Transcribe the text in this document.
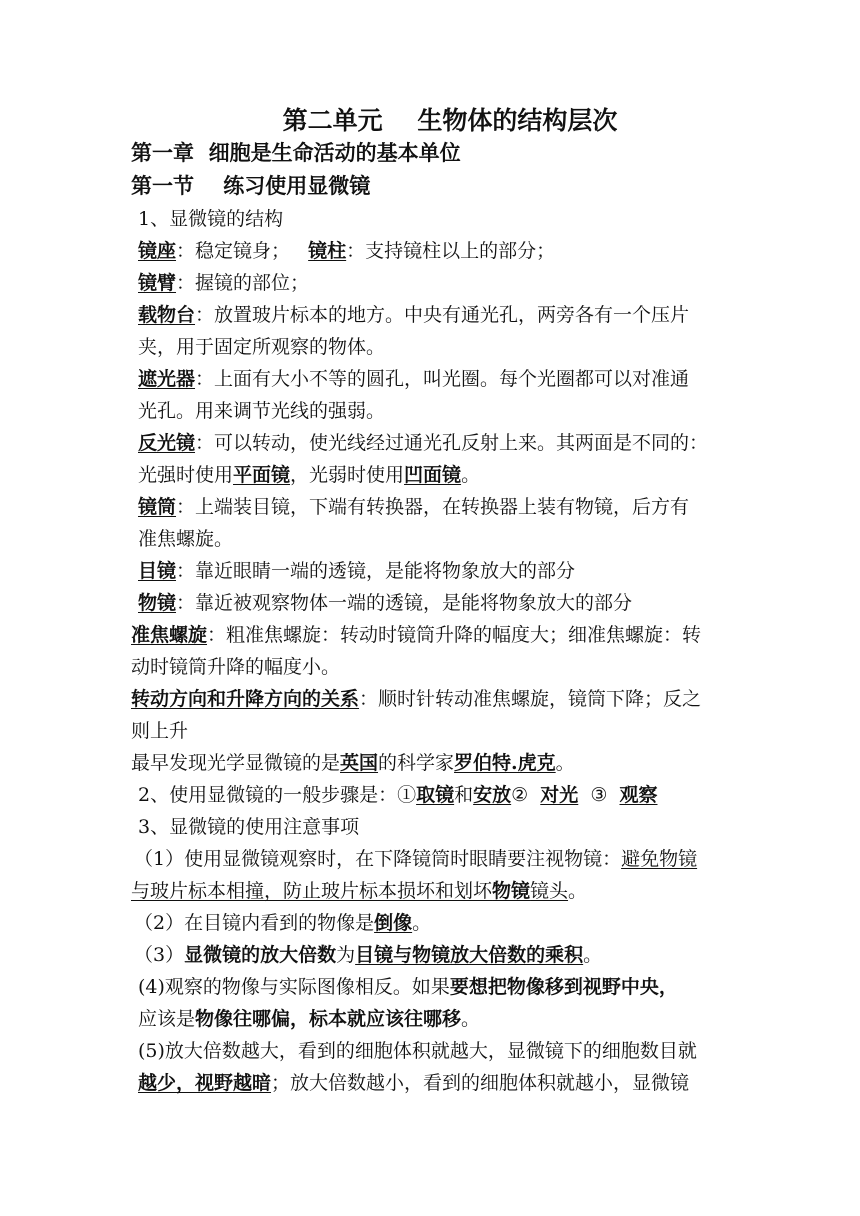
第二单元    生物体的结构层次
第一章  细胞是生命活动的基本单位
第一节    练习使用显微镜
1、显微镜的结构
镜座：稳定镜身；   镜柱：支持镜柱以上的部分；
镜臂：握镜的部位；
载物台：放置玻片标本的地方。中央有通光孔，两旁各有一个压片
夹，用于固定所观察的物体。
遮光器：上面有大小不等的圆孔，叫光圈。每个光圈都可以对准通
光孔。用来调节光线的强弱。
反光镜：可以转动，使光线经过通光孔反射上来。其两面是不同的：
光强时使用平面镜，光弱时使用凹面镜。
镜筒：上端装目镜，下端有转换器，在转换器上装有物镜，后方有
准焦螺旋。
目镜：靠近眼睛一端的透镜，是能将物象放大的部分
物镜：靠近被观察物体一端的透镜，是能将物象放大的部分
准焦螺旋：粗准焦螺旋：转动时镜筒升降的幅度大；细准焦螺旋：转
动时镜筒升降的幅度小。
转动方向和升降方向的关系：顺时针转动准焦螺旋，镜筒下降；反之
则上升
最早发现光学显微镜的是英国的科学家罗伯特.虎克。
2、使用显微镜的一般步骤是：①取镜和安放②  对光  ③  观察
3、显微镜的使用注意事项
（1）使用显微镜观察时，在下降镜筒时眼睛要注视物镜：避免物镜
与玻片标本相撞，防止玻片标本损坏和划坏物镜镜头。
（2）在目镜内看到的物像是倒像。
（3）显微镜的放大倍数为目镜与物镜放大倍数的乘积。
(4)观察的物像与实际图像相反。如果要想把物像移到视野中央，
应该是物像往哪偏，标本就应该往哪移。
(5)放大倍数越大，看到的细胞体积就越大，显微镜下的细胞数目就
越少，视野越暗；放大倍数越小，看到的细胞体积就越小，显微镜
